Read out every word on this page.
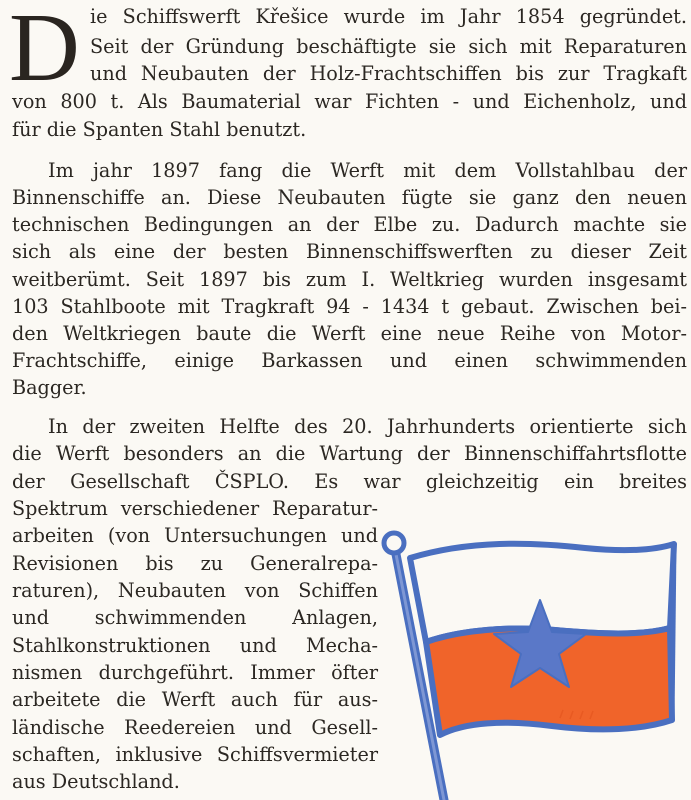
D ie Schiffswerft Křešice wurde im Jahr 1854 gegründet.
Seit der Gründung beschäftigte sie sich mit Reparaturen
und Neubauten der Holz-Frachtschiffen bis zur Tragkaft
von 800 t. Als Baumaterial war Fichten - und Eichenholz, und
für die Spanten Stahl benutzt.
Im jahr 1897 fang die Werft mit dem Vollstahlbau der
Binnenschiffe an. Diese Neubauten fügte sie ganz den neuen
technischen Bedingungen an der Elbe zu. Dadurch machte sie
sich als eine der besten Binnenschiffswerften zu dieser Zeit
weitberümt. Seit 1897 bis zum I. Weltkrieg wurden insgesamt
103 Stahlboote mit Tragkraft 94 - 1434 t gebaut. Zwischen bei-
den Weltkriegen baute die Werft eine neue Reihe von Motor-
Frachtschiffe, einige Barkassen und einen schwimmenden
Bagger.
In der zweiten Helfte des 20. Jahrhunderts orientierte sich
die Werft besonders an die Wartung der Binnenschiffahrtsflotte
der Gesellschaft ČSPLO. Es war gleichzeitig ein breites
Spektrum verschiedener Reparatur-
arbeiten (von Untersuchungen und
Revisionen bis zu Generalrepa-
raturen), Neubauten von Schiffen
und schwimmenden Anlagen,
Stahlkonstruktionen und Mecha-
nismen durchgeführt. Immer öfter
arbeitete die Werft auch für aus-
ländische Reedereien und Gesell-
schaften, inklusive Schiffsvermieter
aus Deutschland.
